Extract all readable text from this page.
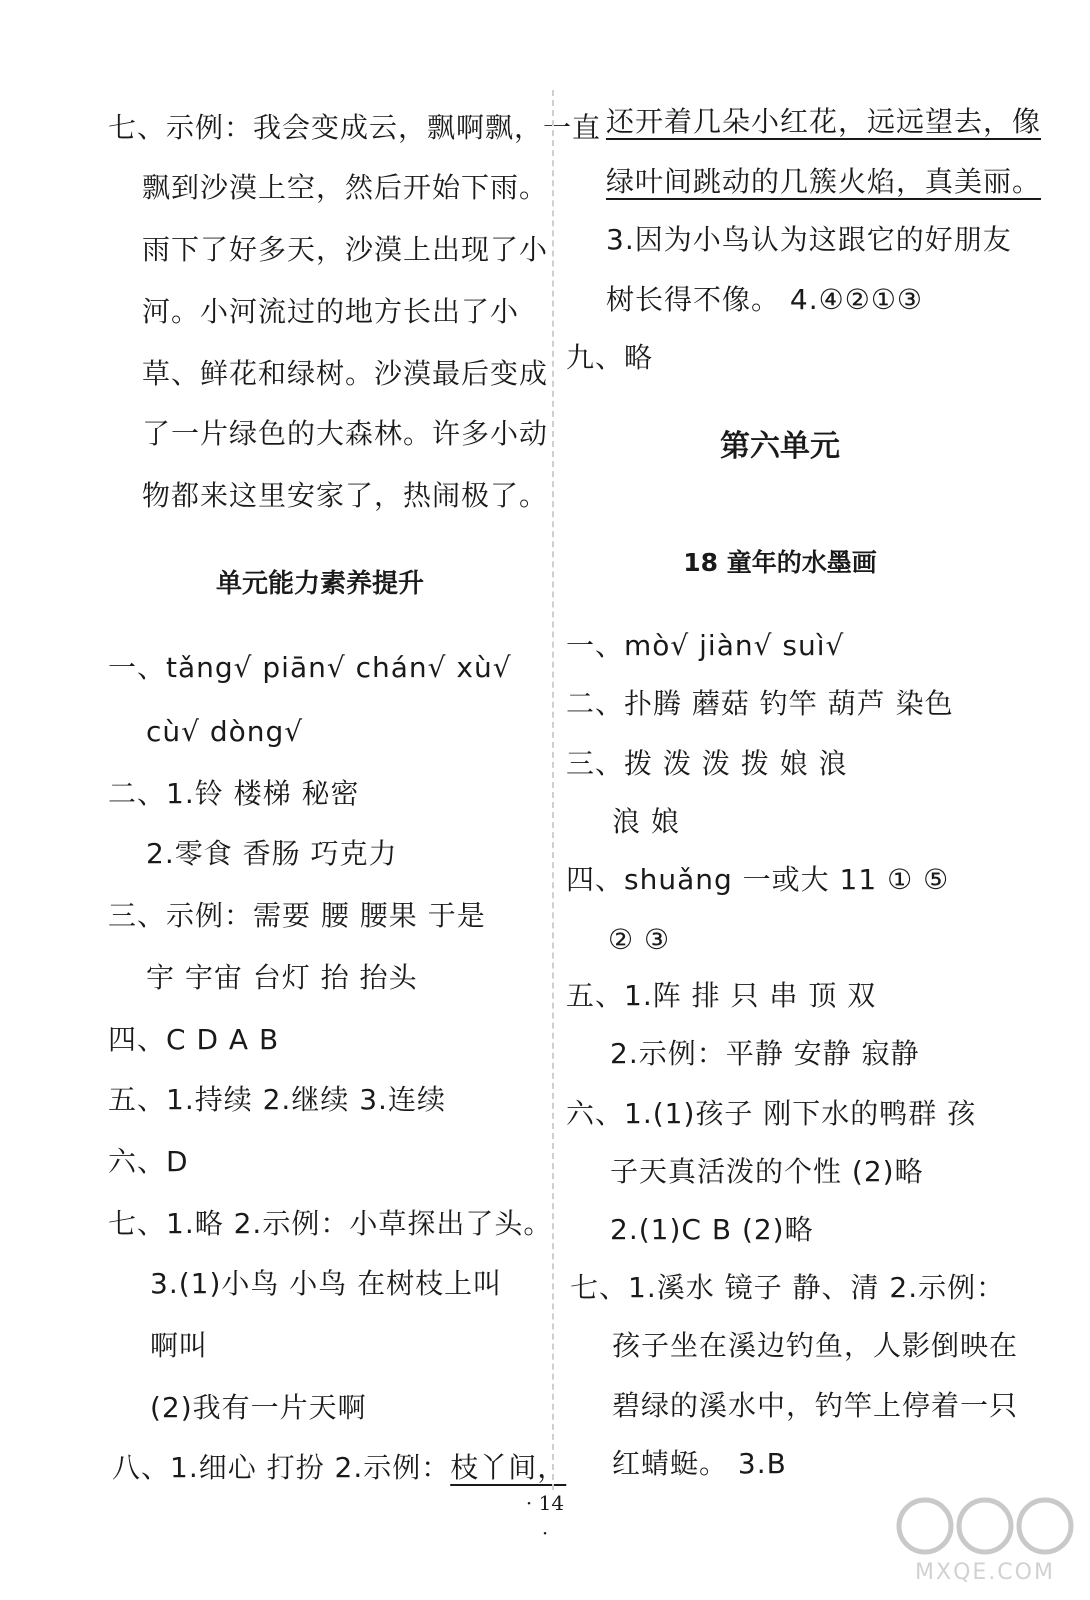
七、示例：我会变成云，飘啊飘，一直
飘到沙漠上空，然后开始下雨。
雨下了好多天，沙漠上出现了小
河。小河流过的地方长出了小
草、鲜花和绿树。沙漠最后变成
了一片绿色的大森林。许多小动
物都来这里安家了，热闹极了。
单元能力素养提升
一、tǎng√ piān√ chán√ xù√
cù√ dòng√
二、1.铃 楼梯 秘密
2.零食 香肠 巧克力
三、示例：需要 腰 腰果 于是
宇 宇宙 台灯 抬 抬头
四、C D A B
五、1.持续 2.继续 3.连续
六、D
七、1.略 2.示例：小草探出了头。
3.(1)小鸟 小鸟 在树枝上叫
啊叫
(2)我有一片天啊
八、1.细心 打扮 2.示例：枝丫间，
还开着几朵小红花，远远望去，像
绿叶间跳动的几簇火焰，真美丽。
3.因为小鸟认为这跟它的好朋友
树长得不像。 4.④②①③
九、略
第六单元
18 童年的水墨画
一、mò√ jiàn√ suì√
二、扑腾 蘑菇 钓竿 葫芦 染色
三、拨 泼 泼 拨 娘 浪
浪 娘
四、shuǎng 一或大 11 ① ⑤
② ③
五、1.阵 排 只 串 顶 双
2.示例：平静 安静 寂静
六、1.(1)孩子 刚下水的鸭群 孩
子天真活泼的个性 (2)略
2.(1)C B (2)略
七、1.溪水 镜子 静、清 2.示例：
孩子坐在溪边钓鱼，人影倒映在
碧绿的溪水中，钓竿上停着一只
红蜻蜓。 3.B
· 14 ·
MXQE.COM
